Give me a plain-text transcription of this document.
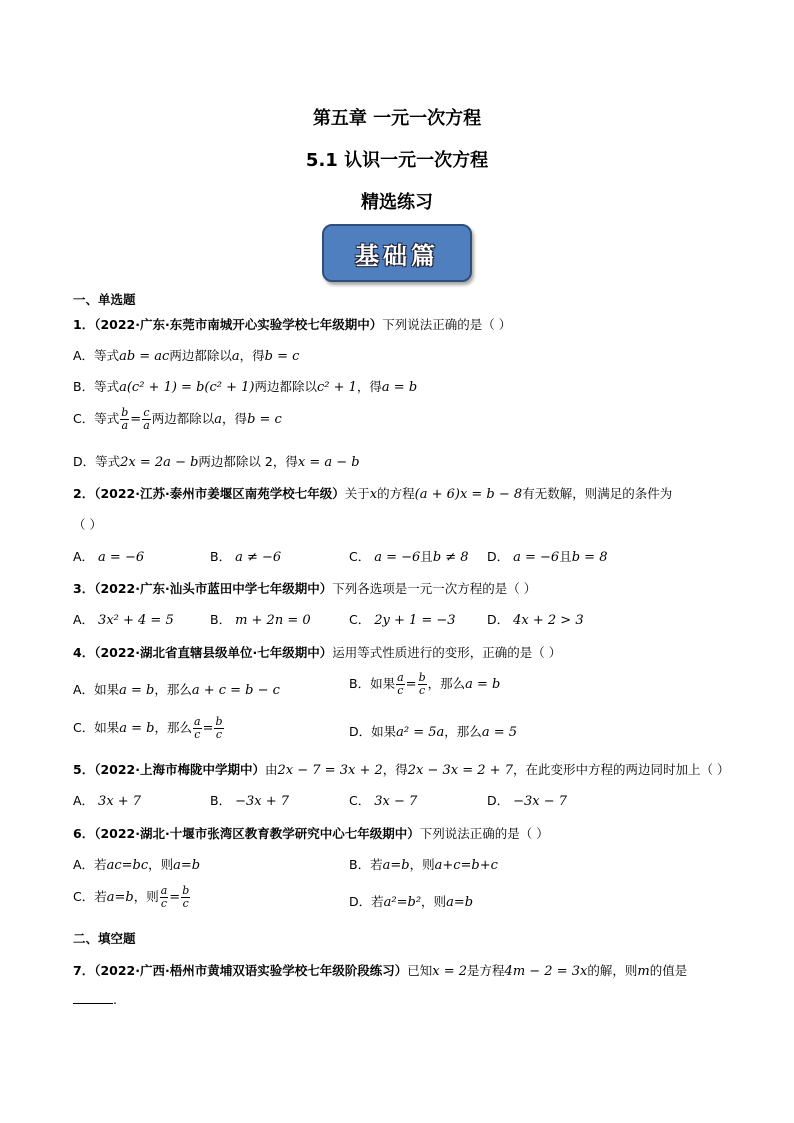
第五章 一元一次方程
5.1 认识一元一次方程
精选练习
基础篇
一、单选题
1．（2022·广东·东莞市南城开心实验学校七年级期中）下列说法正确的是（ ）
A．等式ab = ac两边都除以a，得b = c
B．等式a(c² + 1) = b(c² + 1)两边都除以c² + 1，得a = b
C．等式 $\frac{b}{a} = \frac{c}{a}$ 两边都除以a，得b = c
D．等式2x = 2a − b两边都除以 2，得x = a − b
2．（2022·江苏·泰州市姜堰区南苑学校七年级）关于x的方程(a + 6)x = b − 8有无数解，则满足的条件为
（ ）
A． a = −6	B． a ≠ −6	C． a = −6且b ≠ 8 D． a = −6且b = 8
3．（2022·广东·汕头市蓝田中学七年级期中）下列各选项是一元一次方程的是（ ）
A． 3x² + 4 = 5	B． m + 2n = 0	C． 2y + 1 = −3	D． 4x + 2 > 3
4．（2022·湖北省直辖县级单位·七年级期中）运用等式性质进行的变形，正确的是（ ）
A．如果a = b，那么a + c = b − c	B．如果 $\frac{a}{c} = \frac{b}{c}$ ，那么a = b
C．如果a = b，那么 $\frac{a}{c} = \frac{b}{c}$	D．如果a² = 5a，那么a = 5
5．（2022·上海市梅陇中学期中）由2x − 7 = 3x + 2，得2x − 3x = 2 + 7，在此变形中方程的两边同时加上（ ）
A． 3x + 7	B． −3x + 7	C． 3x − 7	D． −3x − 7
6．（2022·湖北·十堰市张湾区教育教学研究中心七年级期中）下列说法正确的是（ ）
A．若ac=bc，则a=b	B．若a=b，则a+c=b+c
C．若a=b，则 $\frac{a}{c} = \frac{b}{c}$	D．若a²=b²，则a=b
二、填空题
7．（2022·广西·梧州市黄埔双语实验学校七年级阶段练习）已知x = 2是方程4m − 2 = 3x的解，则m的值是
.
